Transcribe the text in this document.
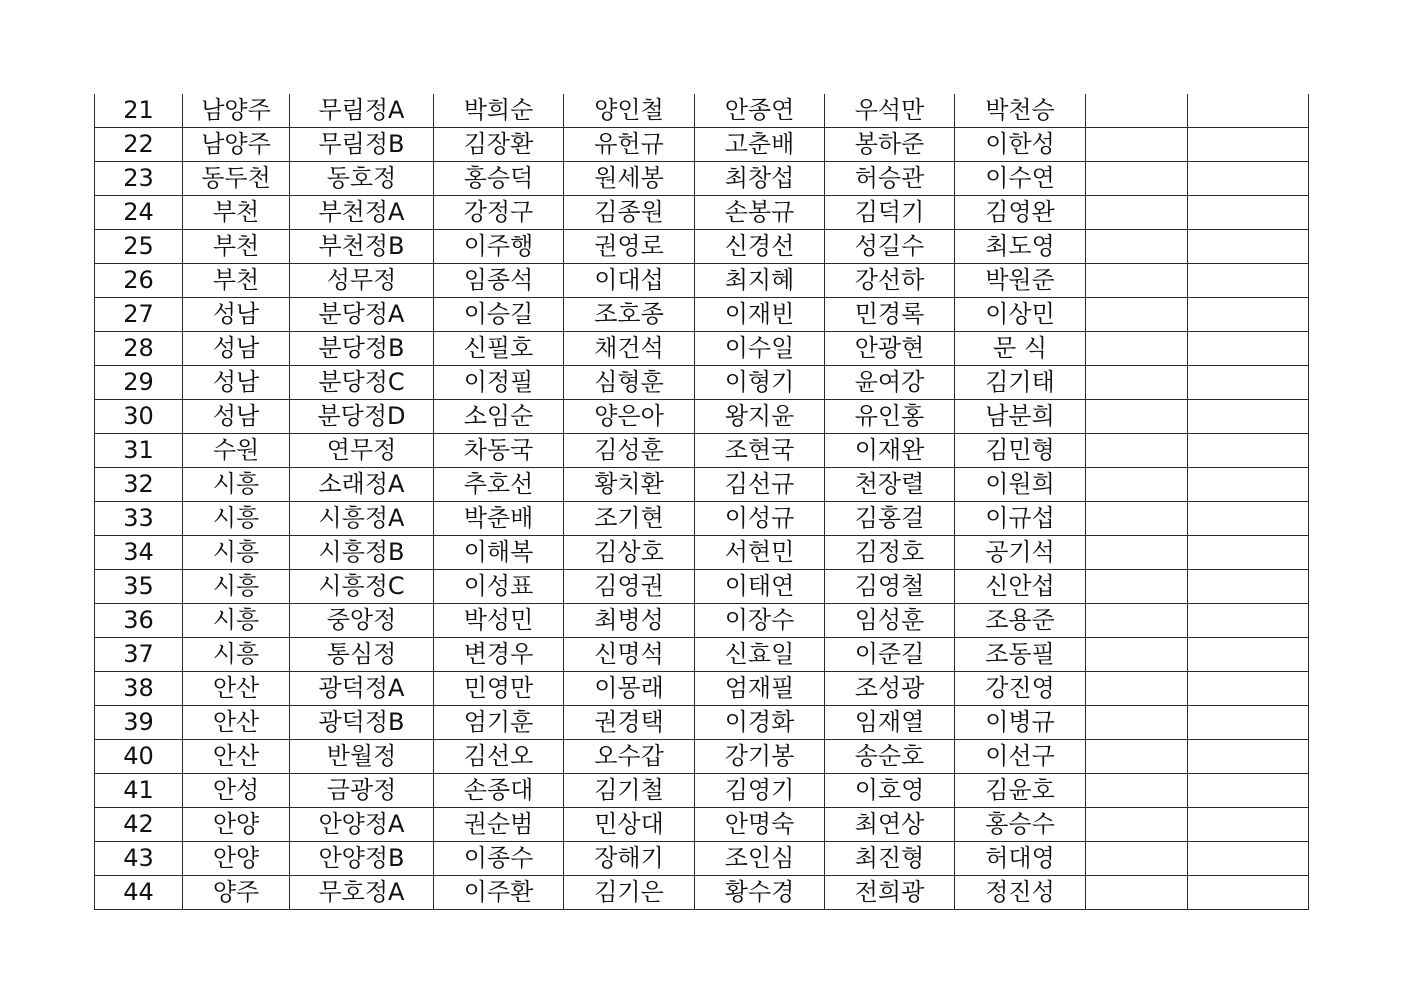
21	남양주	무림정A	박희순	양인철	안종연	우석만	박천승		
22	남양주	무림정B	김장환	유헌규	고춘배	봉하준	이한성		
23	동두천	동호정	홍승덕	원세봉	최창섭	허승관	이수연		
24	부천	부천정A	강정구	김종원	손봉규	김덕기	김영완		
25	부천	부천정B	이주행	권영로	신경선	성길수	최도영		
26	부천	성무정	임종석	이대섭	최지혜	강선하	박원준		
27	성남	분당정A	이승길	조호종	이재빈	민경록	이상민		
28	성남	분당정B	신필호	채건석	이수일	안광현	문 식		
29	성남	분당정C	이정필	심형훈	이형기	윤여강	김기태		
30	성남	분당정D	소임순	양은아	왕지윤	유인홍	남분희		
31	수원	연무정	차동국	김성훈	조현국	이재완	김민형		
32	시흥	소래정A	추호선	황치환	김선규	천장렬	이원희		
33	시흥	시흥정A	박춘배	조기현	이성규	김홍걸	이규섭		
34	시흥	시흥정B	이해복	김상호	서현민	김정호	공기석		
35	시흥	시흥정C	이성표	김영권	이태연	김영철	신안섭		
36	시흥	중앙정	박성민	최병성	이장수	임성훈	조용준		
37	시흥	통심정	변경우	신명석	신효일	이준길	조동필		
38	안산	광덕정A	민영만	이몽래	엄재필	조성광	강진영		
39	안산	광덕정B	엄기훈	권경택	이경화	임재열	이병규		
40	안산	반월정	김선오	오수갑	강기봉	송순호	이선구		
41	안성	금광정	손종대	김기철	김영기	이호영	김윤호		
42	안양	안양정A	권순범	민상대	안명숙	최연상	홍승수		
43	안양	안양정B	이종수	장해기	조인심	최진형	허대영		
44	양주	무호정A	이주환	김기은	황수경	전희광	정진성		
